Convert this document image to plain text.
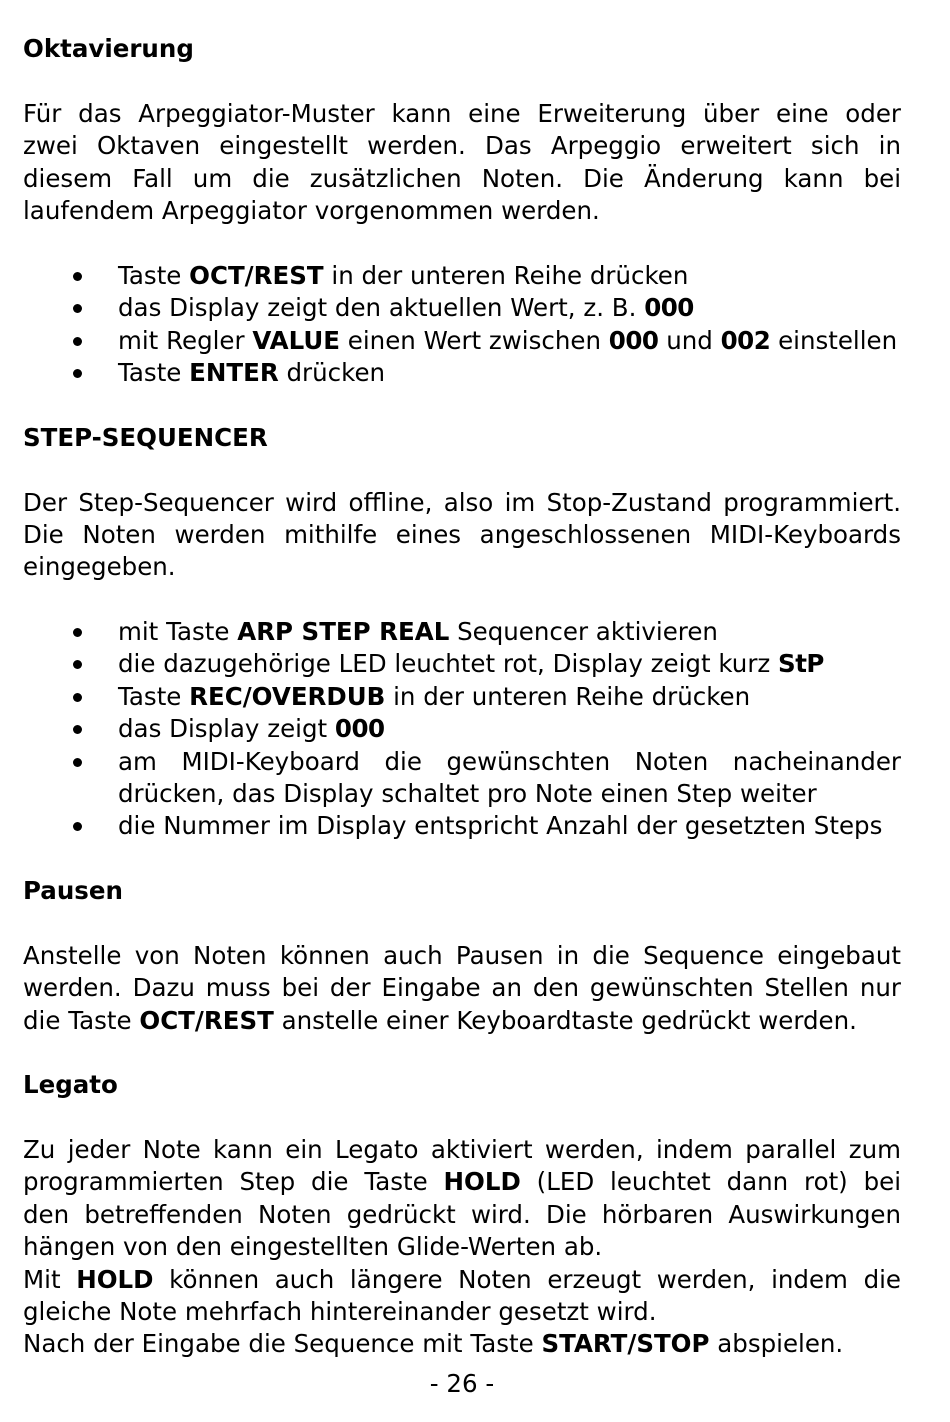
Oktavierung
Für das Arpeggiator-Muster kann eine Erweiterung über eine oder
zwei Oktaven eingestellt werden. Das Arpeggio erweitert sich in
diesem Fall um die zusätzlichen Noten. Die Änderung kann bei
laufendem Arpeggiator vorgenommen werden.
Taste OCT/REST in der unteren Reihe drücken
das Display zeigt den aktuellen Wert, z. B. 000
mit Regler VALUE einen Wert zwischen 000 und 002 einstellen
Taste ENTER drücken
STEP-SEQUENCER
Der Step-Sequencer wird offline, also im Stop-Zustand programmiert.
Die Noten werden mithilfe eines angeschlossenen MIDI-Keyboards
eingegeben.
mit Taste ARP STEP REAL Sequencer aktivieren
die dazugehörige LED leuchtet rot, Display zeigt kurz StP
Taste REC/OVERDUB in der unteren Reihe drücken
das Display zeigt 000
am MIDI-Keyboard die gewünschten Noten nacheinander
drücken, das Display schaltet pro Note einen Step weiter
die Nummer im Display entspricht Anzahl der gesetzten Steps
Pausen
Anstelle von Noten können auch Pausen in die Sequence eingebaut
werden. Dazu muss bei der Eingabe an den gewünschten Stellen nur
die Taste OCT/REST anstelle einer Keyboardtaste gedrückt werden.
Legato
Zu jeder Note kann ein Legato aktiviert werden, indem parallel zum
programmierten Step die Taste HOLD (LED leuchtet dann rot) bei
den betreffenden Noten gedrückt wird. Die hörbaren Auswirkungen
hängen von den eingestellten Glide-Werten ab.
Mit HOLD können auch längere Noten erzeugt werden, indem die
gleiche Note mehrfach hintereinander gesetzt wird.
Nach der Eingabe die Sequence mit Taste START/STOP abspielen.
- 26 -
